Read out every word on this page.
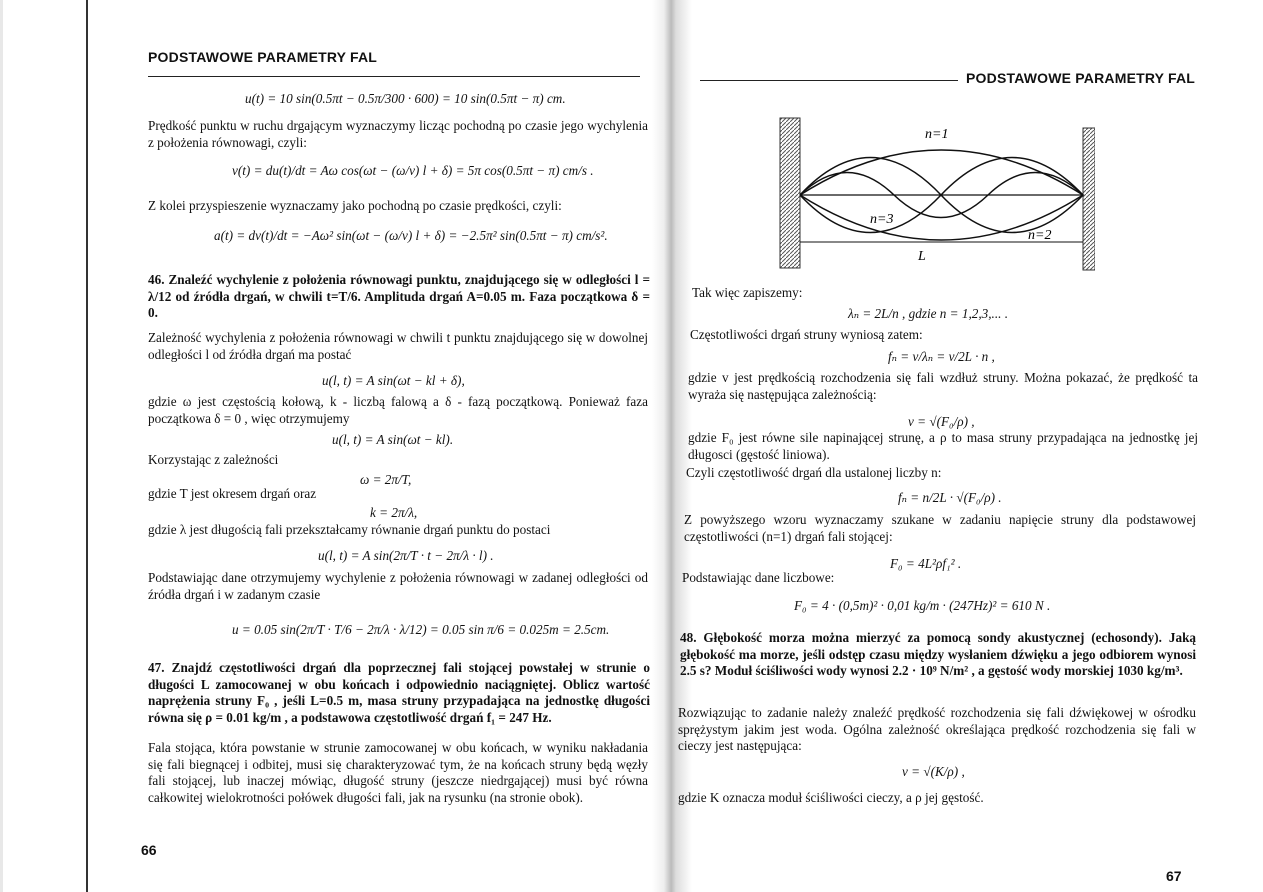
PODSTAWOWE PARAMETRY FAL
u(t) = 10 sin(0.5πt − 0.5π/300 · 600) = 10 sin(0.5πt − π) cm.

Prędkość punktu w ruchu drgającym wyznaczymy licząc pochodną po czasie jego wychylenia z położenia równowagi, czyli:

v(t) = du(t)/dt = Aω cos(ωt − (ω/v) l + δ) = 5π cos(0.5πt − π) cm/s .

Z kolei przyspieszenie wyznaczamy jako pochodną po czasie prędkości, czyli:

a(t) = dv(t)/dt = −Aω² sin(ωt − (ω/v) l + δ) = −2.5π² sin(0.5πt − π) cm/s².

46. Znaleźć wychylenie z położenia równowagi punktu, znajdującego się w odległości l = λ/12 od źródła drgań, w chwili t=T/6. Amplituda drgań A=0.05 m. Faza początkowa δ = 0.

Zależność wychylenia z położenia równowagi w chwili t punktu znajdującego się w dowolnej odległości l od źródła drgań ma postać

u(l, t) = A sin(ωt − kl + δ),

gdzie ω jest częstością kołową, k - liczbą falową a δ - fazą początkową. Ponieważ faza początkowa δ = 0 , więc otrzymujemy

u(l, t) = A sin(ωt − kl).

Korzystając z zależności

ω = 2π/T,

gdzie T jest okresem drgań oraz

k = 2π/λ,

gdzie λ jest długością fali przekształcamy równanie drgań punktu do postaci

u(l, t) = A sin(2π/T · t − 2π/λ · l) .

Podstawiając dane otrzymujemy wychylenie z położenia równowagi w zadanej odległości od źródła drgań i w zadanym czasie

u = 0.05 sin(2π/T · T/6 − 2π/λ · λ/12) = 0.05 sin π/6 = 0.025m = 2.5cm.

47. Znajdź częstotliwości drgań dla poprzecznej fali stojącej powstałej w strunie o długości L zamocowanej w obu końcach i odpowiednio naciągniętej. Oblicz wartość naprężenia struny F₀ , jeśli L=0.5 m, masa struny przypadająca na jednostkę długości równa się ρ = 0.01 kg/m , a podstawowa częstotliwość drgań f₁ = 247 Hz.

Fala stojąca, która powstanie w strunie zamocowanej w obu końcach, w wyniku nakładania się fali biegnącej i odbitej, musi się charakteryzować tym, że na końcach struny będą węzły fali stojącej, lub inaczej mówiąc, długość struny (jeszcze niedrgającej) musi być równa całkowitej wielokrotności połówek długości fali, jak na rysunku (na stronie obok).

66
PODSTAWOWE PARAMETRY FAL
n=1
n=3
n=2
L

Tak więc zapiszemy:

λₙ = 2L/n , gdzie n = 1,2,3,... .

Częstotliwości drgań struny wyniosą zatem:

fₙ = v/λₙ = v/2L · n ,

gdzie v jest prędkością rozchodzenia się fali wzdłuż struny. Można pokazać, że prędkość ta wyraża się następująca zależnością:

v = √(F₀/ρ) ,

gdzie F₀ jest równe sile napinającej strunę, a ρ to masa struny przypadająca na jednostkę jej długosci (gęstość liniowa).

Czyli częstotliwość drgań dla ustalonej liczby n:

fₙ = n/2L · √(F₀/ρ) .

Z powyższego wzoru wyznaczamy szukane w zadaniu napięcie struny dla podstawowej częstotliwości (n=1) drgań fali stojącej:

F₀ = 4L²ρf₁² .

Podstawiając dane liczbowe:

F₀ = 4 · (0,5m)² · 0,01 kg/m · (247Hz)² = 610 N .

48. Głębokość morza można mierzyć za pomocą sondy akustycznej (echosondy). Jaką głębokość ma morze, jeśli odstęp czasu między wysłaniem dźwięku a jego odbiorem wynosi 2.5 s? Moduł ściśliwości wody wynosi 2.2 · 10⁹ N/m² , a gęstość wody morskiej 1030 kg/m³.

Rozwiązując to zadanie należy znaleźć prędkość rozchodzenia się fali dźwiękowej w ośrodku sprężystym jakim jest woda. Ogólna zależność określająca prędkość rozchodzenia się fali w cieczy jest następująca:

v = √(K/ρ) ,

gdzie K oznacza moduł ściśliwości cieczy, a ρ jej gęstość.

67
